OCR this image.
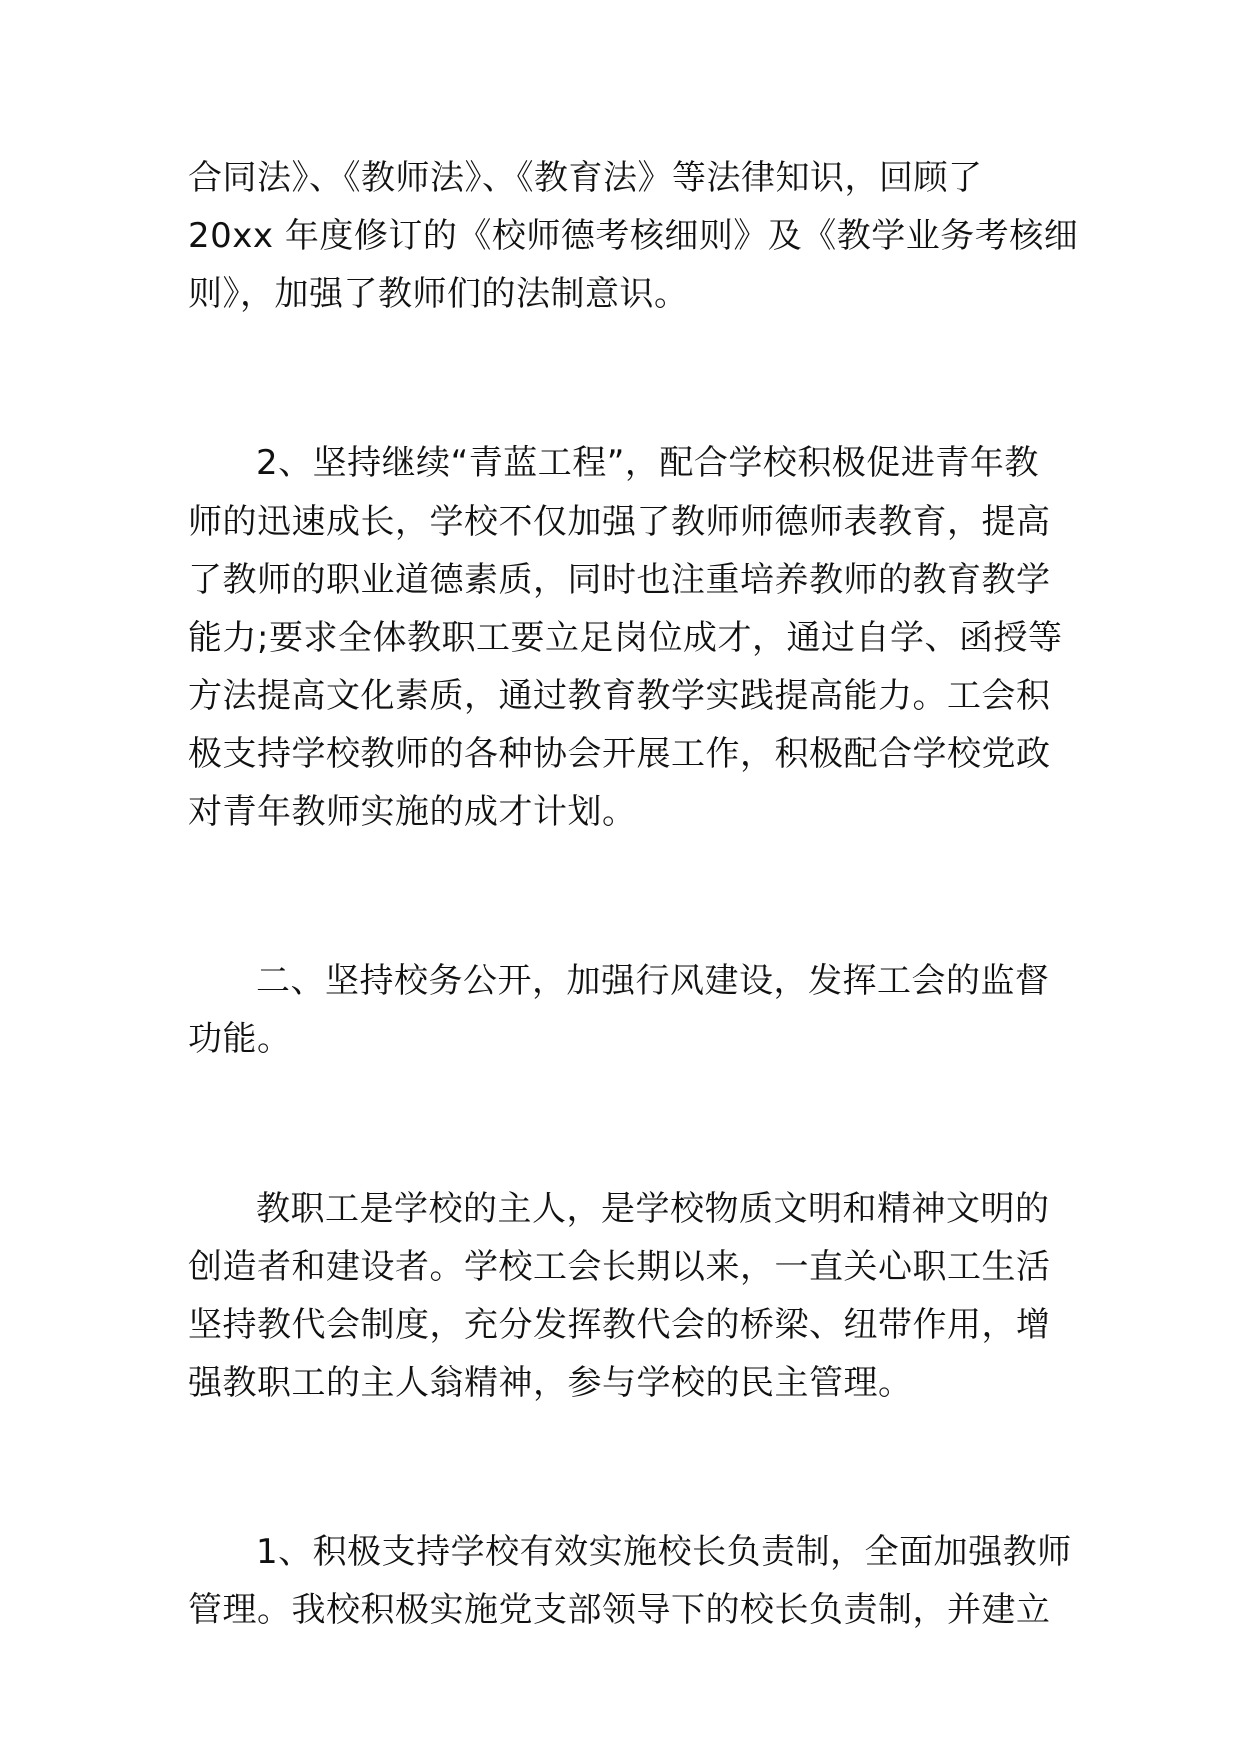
合同法》、《教师法》、《教育法》等法律知识，回顾了
20xx 年度修订的《校师德考核细则》及《教学业务考核细
则》，加强了教师们的法制意识。
2、坚持继续“青蓝工程”，配合学校积极促进青年教
师的迅速成长，学校不仅加强了教师师德师表教育，提高
了教师的职业道德素质，同时也注重培养教师的教育教学
能力;要求全体教职工要立足岗位成才，通过自学、函授等
方法提高文化素质，通过教育教学实践提高能力。工会积
极支持学校教师的各种协会开展工作，积极配合学校党政
对青年教师实施的成才计划。
二、坚持校务公开，加强行风建设，发挥工会的监督
功能。
教职工是学校的主人，是学校物质文明和精神文明的
创造者和建设者。学校工会长期以来，一直关心职工生活
坚持教代会制度，充分发挥教代会的桥梁、纽带作用，增
强教职工的主人翁精神，参与学校的民主管理。
1、积极支持学校有效实施校长负责制，全面加强教师
管理。我校积极实施党支部领导下的校长负责制，并建立
